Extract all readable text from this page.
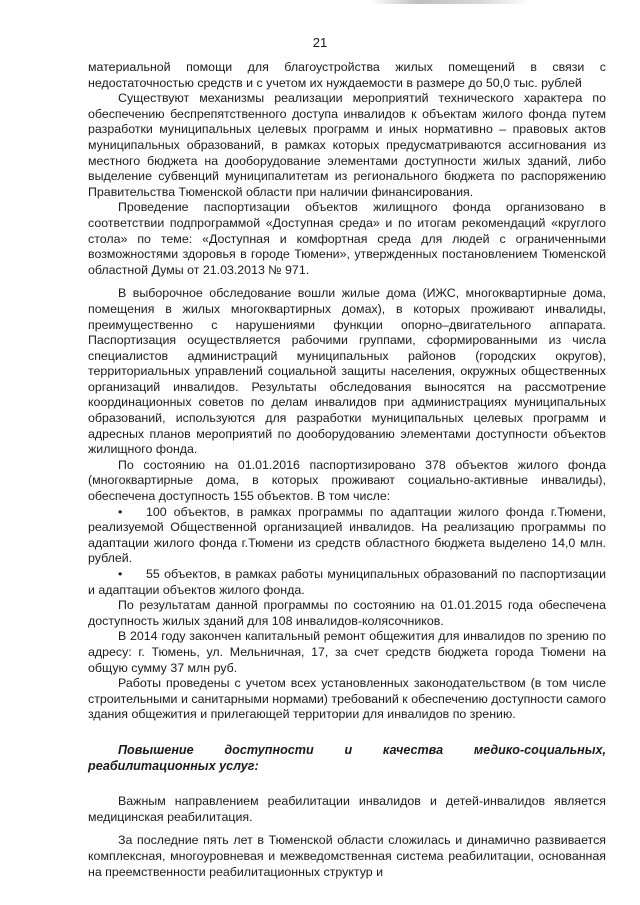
21

материальной помощи для благоустройства жилых помещений в связи с недостаточностью средств и с учетом их нуждаемости в размере до 50,0 тыс. рублей

Существуют механизмы реализации мероприятий технического характера по обеспечению беспрепятственного доступа инвалидов к объектам жилого фонда путем разработки муниципальных целевых программ и иных нормативно – правовых актов муниципальных образований, в рамках которых предусматриваются ассигнования из местного бюджета на дооборудование элементами доступности жилых зданий, либо выделение субвенций муниципалитетам из регионального бюджета по распоряжению Правительства Тюменской области при наличии финансирования.

Проведение паспортизации объектов жилищного фонда организовано в соответствии подпрограммой «Доступная среда» и по итогам рекомендаций «круглого стола» по теме: «Доступная и комфортная среда для людей с ограниченными возможностями здоровья в городе Тюмени», утвержденных постановлением Тюменской областной Думы от 21.03.2013 № 971.

В выборочное обследование вошли жилые дома (ИЖС, многоквартирные дома, помещения в жилых многоквартирных домах), в которых проживают инвалиды, преимущественно с нарушениями функции опорно–двигательного аппарата. Паспортизация осуществляется рабочими группами, сформированными из числа специалистов администраций муниципальных районов (городских округов), территориальных управлений социальной защиты населения, окружных общественных организаций инвалидов. Результаты обследования выносятся на рассмотрение координационных советов по делам инвалидов при администрациях муниципальных образований, используются для разработки муниципальных целевых программ и адресных планов мероприятий по дооборудованию элементами доступности объектов жилищного фонда.

По состоянию на 01.01.2016 паспортизировано 378 объектов жилого фонда (многоквартирные дома, в которых проживают социально-активные инвалиды), обеспечена доступность 155 объектов. В том числе:

• 100 объектов, в рамках программы по адаптации жилого фонда г.Тюмени, реализуемой Общественной организацией инвалидов. На реализацию программы по адаптации жилого фонда г.Тюмени из средств областного бюджета выделено 14,0 млн. рублей.

• 55 объектов, в рамках работы муниципальных образований по паспортизации и адаптации объектов жилого фонда.

По результатам данной программы по состоянию на 01.01.2015 года обеспечена доступность жилых зданий для 108 инвалидов-колясочников.

В 2014 году закончен капитальный ремонт общежития для инвалидов по зрению по адресу: г. Тюмень, ул. Мельничная, 17, за счет средств бюджета города Тюмени на общую сумму 37 млн руб.

Работы проведены с учетом всех установленных законодательством (в том числе строительными и санитарными нормами) требований к обеспечению доступности самого здания общежития и прилегающей территории для инвалидов по зрению.

Повышение доступности и качества медико-социальных, реабилитационных услуг:

Важным направлением реабилитации инвалидов и детей-инвалидов является медицинская реабилитация.

За последние пять лет в Тюменской области сложилась и динамично развивается комплексная, многоуровневая и межведомственная система реабилитации, основанная на преемственности реабилитационных структур и
